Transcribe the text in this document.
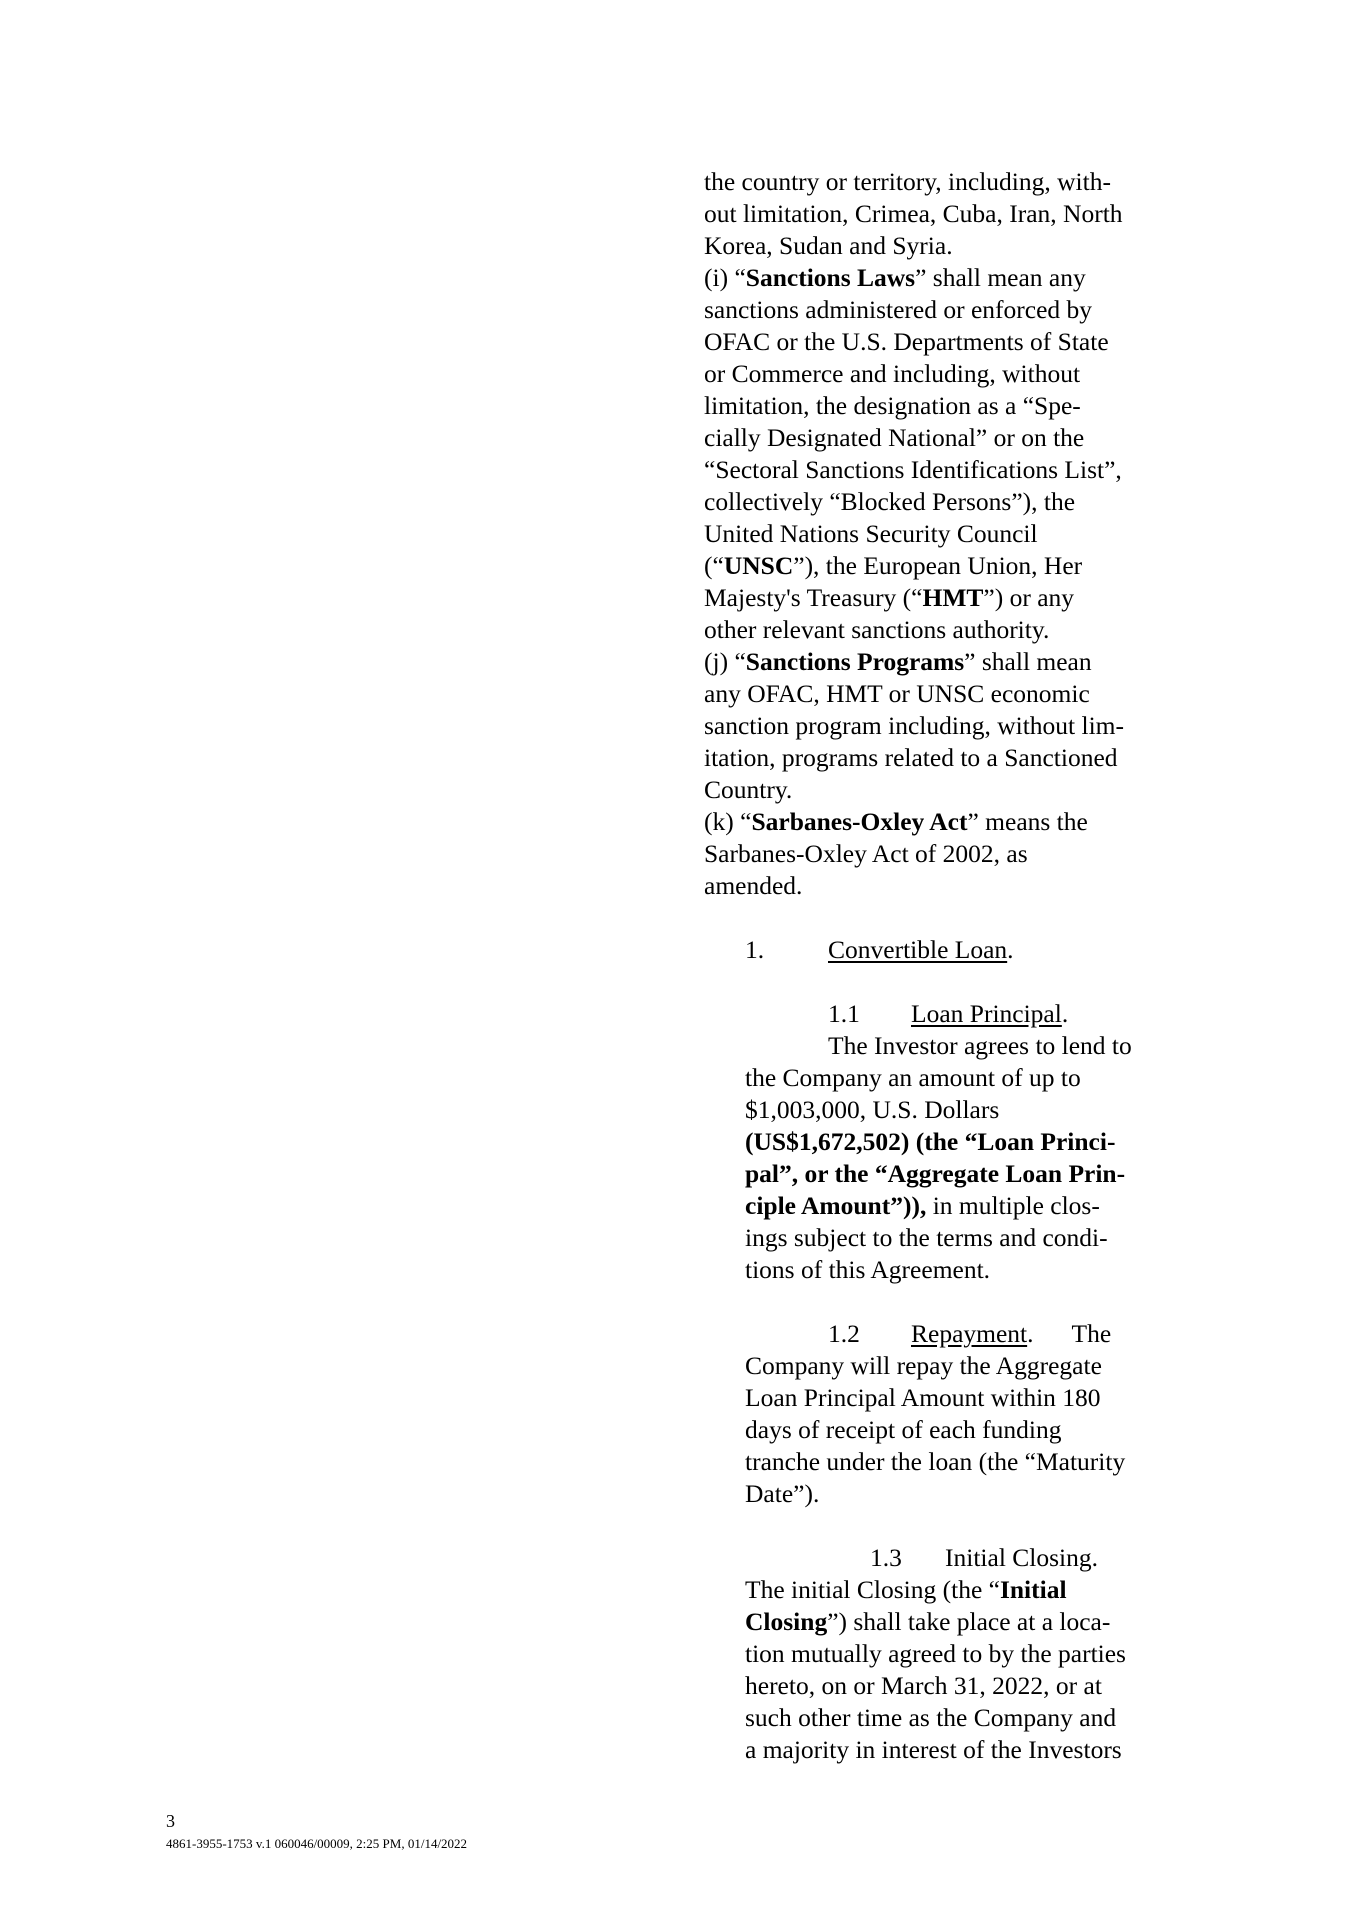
the country or territory, including, with-
out limitation, Crimea, Cuba, Iran, North
Korea, Sudan and Syria.
(i) “Sanctions Laws” shall mean any
sanctions administered or enforced by
OFAC or the U.S. Departments of State
or Commerce and including, without
limitation, the designation as a “Spe-
cially Designated National” or on the
“Sectoral Sanctions Identifications List”,
collectively “Blocked Persons”), the
United Nations Security Council
(“UNSC”), the European Union, Her
Majesty's Treasury (“HMT”) or any
other relevant sanctions authority.
(j) “Sanctions Programs” shall mean
any OFAC, HMT or UNSC economic
sanction program including, without lim-
itation, programs related to a Sanctioned
Country.
(k) “Sarbanes-Oxley Act” means the
Sarbanes-Oxley Act of 2002, as
amended.
1.	Convertible Loan.
1.1 Loan Principal.
The Investor agrees to lend to
the Company an amount of up to
$1,003,000, U.S. Dollars
(US$1,672,502) (the “Loan Princi-
pal”, or the “Aggregate Loan Prin-
ciple Amount”)), in multiple clos-
ings subject to the terms and condi-
tions of this Agreement.
1.2 Repayment. The
Company will repay the Aggregate
Loan Principal Amount within 180
days of receipt of each funding
tranche under the loan (the “Maturity
Date”).
1.3 Initial Closing.
The initial Closing (the “Initial
Closing”) shall take place at a loca-
tion mutually agreed to by the parties
hereto, on or March 31, 2022, or at
such other time as the Company and
a majority in interest of the Investors
3
4861-3955-1753 v.1 060046/00009, 2:25 PM, 01/14/2022
